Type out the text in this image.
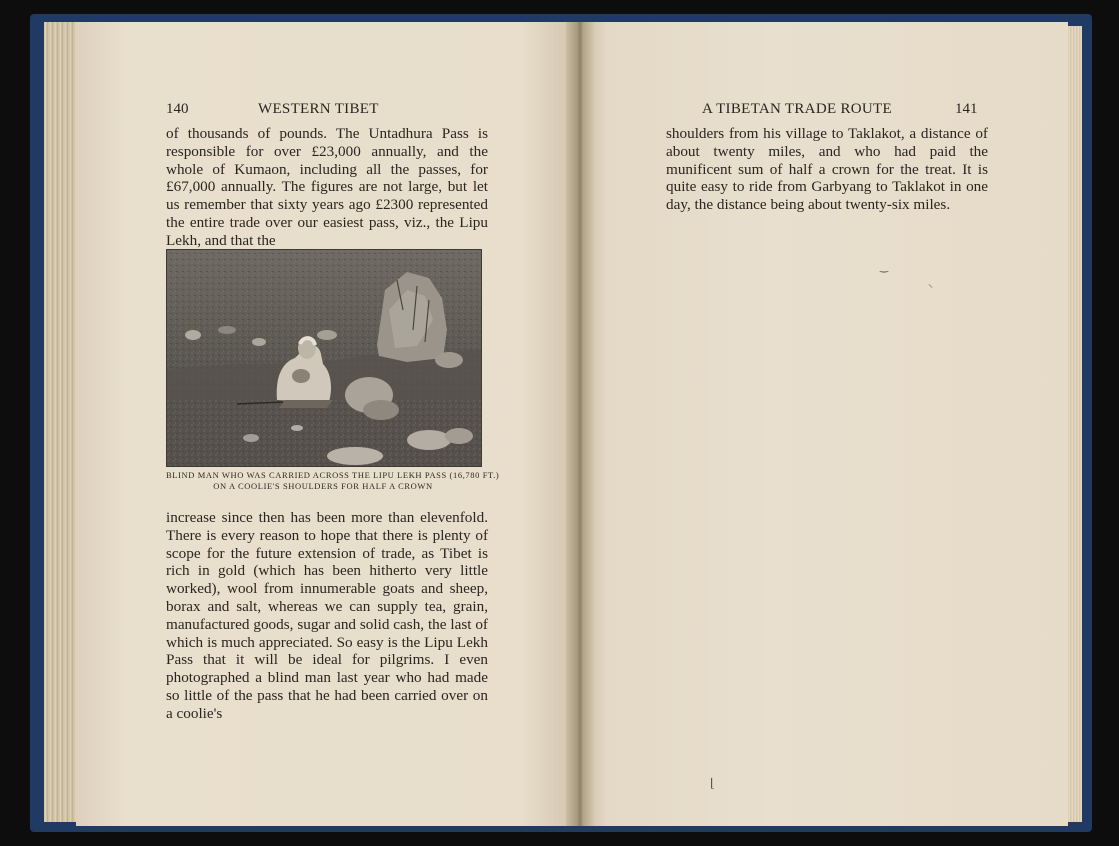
140	WESTERN TIBET

of thousands of pounds. The Untadhura Pass is responsible for over £23,000 annually, and the whole of Kumaon, including all the passes, for £67,000 annually. The figures are not large, but let us remember that sixty years ago £2300 represented the entire trade over our easiest pass, viz., the Lipu Lekh, and that the

BLIND MAN WHO WAS CARRIED ACROSS THE LIPU LEKH PASS (16,780 FT.)
ON A COOLIE'S SHOULDERS FOR HALF A CROWN

increase since then has been more than elevenfold. There is every reason to hope that there is plenty of scope for the future extension of trade, as Tibet is rich in gold (which has been hitherto very little worked), wool from innumerable goats and sheep, borax and salt, whereas we can supply tea, grain, manufactured goods, sugar and solid cash, the last of which is much appreciated. So easy is the Lipu Lekh Pass that it will be ideal for pilgrims. I even photographed a blind man last year who had made so little of the pass that he had been carried over on a coolie's

A TIBETAN TRADE ROUTE	141

shoulders from his village to Taklakot, a distance of about twenty miles, and who had paid the munificent sum of half a crown for the treat. It is quite easy to ride from Garbyang to Taklakot in one day, the distance being about twenty-six miles.

‿
⸜
⌊
